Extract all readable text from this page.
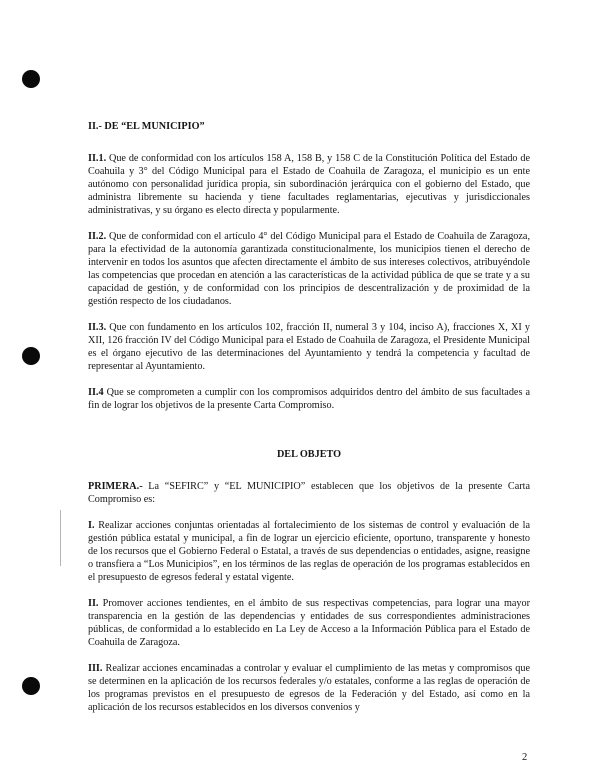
II.- DE “EL MUNICIPIO”

II.1. Que de conformidad con los artículos 158 A, 158 B, y 158 C de la Constitución Política del Estado de Coahuila y 3° del Código Municipal para el Estado de Coahuila de Zaragoza, el municipio es un ente autónomo con personalidad jurídica propia, sin subordinación jerárquica con el gobierno del Estado, que administra libremente su hacienda y tiene facultades reglamentarias, ejecutivas y jurisdiccionales administrativas, y su órgano es electo directa y popularmente.

II.2. Que de conformidad con el artículo 4° del Código Municipal para el Estado de Coahuila de Zaragoza, para la efectividad de la autonomía garantizada constitucionalmente, los municipios tienen el derecho de intervenir en todos los asuntos que afecten directamente el ámbito de sus intereses colectivos, atribuyéndole las competencias que procedan en atención a las características de la actividad pública de que se trate y a su capacidad de gestión, y de conformidad con los principios de descentralización y de proximidad de la gestión respecto de los ciudadanos.

II.3. Que con fundamento en los artículos 102, fracción II, numeral 3 y 104, inciso A), fracciones X, XI y XII, 126 fracción IV del Código Municipal para el Estado de Coahuila de Zaragoza, el Presidente Municipal es el órgano ejecutivo de las determinaciones del Ayuntamiento y tendrá la competencia y facultad de representar al Ayuntamiento.

II.4 Que se comprometen a cumplir con los compromisos adquiridos dentro del ámbito de sus facultades a fin de lograr los objetivos de la presente Carta Compromiso.

DEL OBJETO

PRIMERA.- La “SEFIRC” y “EL MUNICIPIO” establecen que los objetivos de la presente Carta Compromiso es:

I. Realizar acciones conjuntas orientadas al fortalecimiento de los sistemas de control y evaluación de la gestión pública estatal y municipal, a fin de lograr un ejercicio eficiente, oportuno, transparente y honesto de los recursos que el Gobierno Federal o Estatal, a través de sus dependencias o entidades, asigne, reasigne o transfiera a “Los Municipios”, en los términos de las reglas de operación de los programas establecidos en el presupuesto de egresos federal y estatal vigente.

II. Promover acciones tendientes, en el ámbito de sus respectivas competencias, para lograr una mayor transparencia en la gestión de las dependencias y entidades de sus correspondientes administraciones públicas, de conformidad a lo establecido en La Ley de Acceso a la Información Pública para el Estado de Coahuila de Zaragoza.

III. Realizar acciones encaminadas a controlar y evaluar el cumplimiento de las metas y compromisos que se determinen en la aplicación de los recursos federales y/o estatales, conforme a las reglas de operación de los programas previstos en el presupuesto de egresos de la Federación y del Estado, así como en la aplicación de los recursos establecidos en los diversos convenios y

2
